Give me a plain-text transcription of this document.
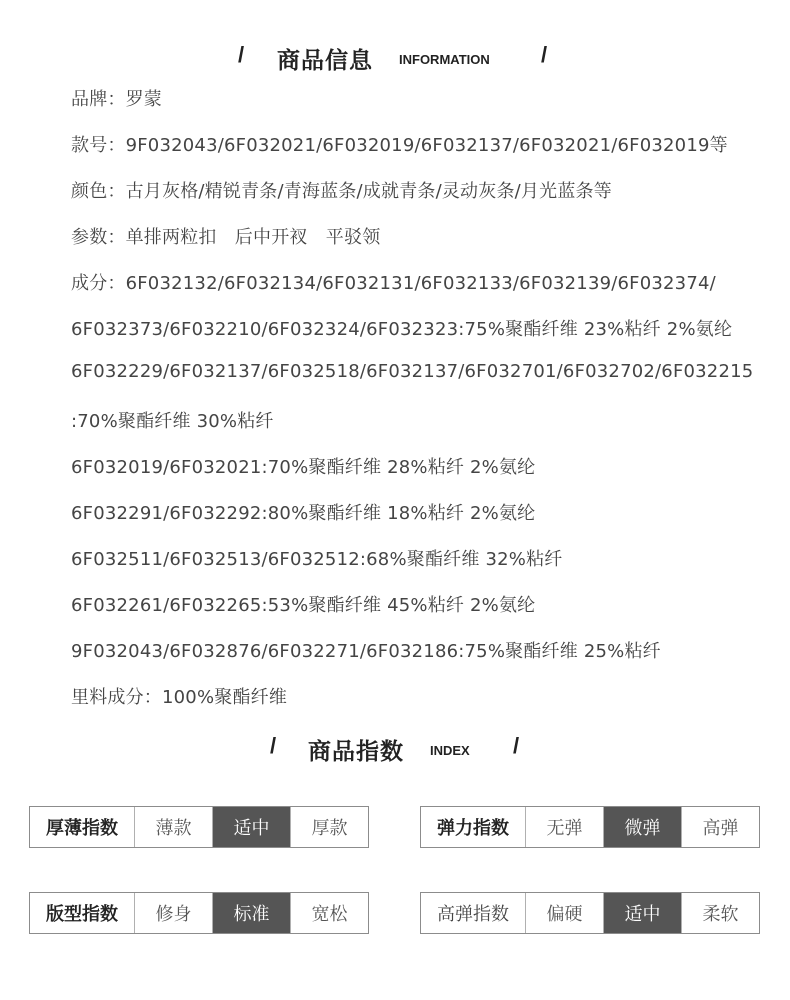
/ 商品信息 INFORMATION /
品牌：罗蒙
款号：9F032043/6F032021/6F032019/6F032137/6F032021/6F032019等
颜色：古月灰格/精锐青条/青海蓝条/成就青条/灵动灰条/月光蓝条等
参数：单排两粒扣　后中开衩　平驳领
成分：6F032132/6F032134/6F032131/6F032133/6F032139/6F032374/
6F032373/6F032210/6F032324/6F032323:75%聚酯纤维 23%粘纤 2%氨纶
6F032229/6F032137/6F032518/6F032137/6F032701/6F032702/6F032215
:70%聚酯纤维 30%粘纤
6F032019/6F032021:70%聚酯纤维 28%粘纤 2%氨纶
6F032291/6F032292:80%聚酯纤维 18%粘纤 2%氨纶
6F032511/6F032513/6F032512:68%聚酯纤维 32%粘纤
6F032261/6F032265:53%聚酯纤维 45%粘纤 2%氨纶
9F032043/6F032876/6F032271/6F032186:75%聚酯纤维 25%粘纤
里料成分：100%聚酯纤维
/ 商品指数 INDEX /
厚薄指数	薄款	适中	厚款	弹力指数	无弹	微弹	高弹
版型指数	修身	标准	宽松	高弹指数	偏硬	适中	柔软
